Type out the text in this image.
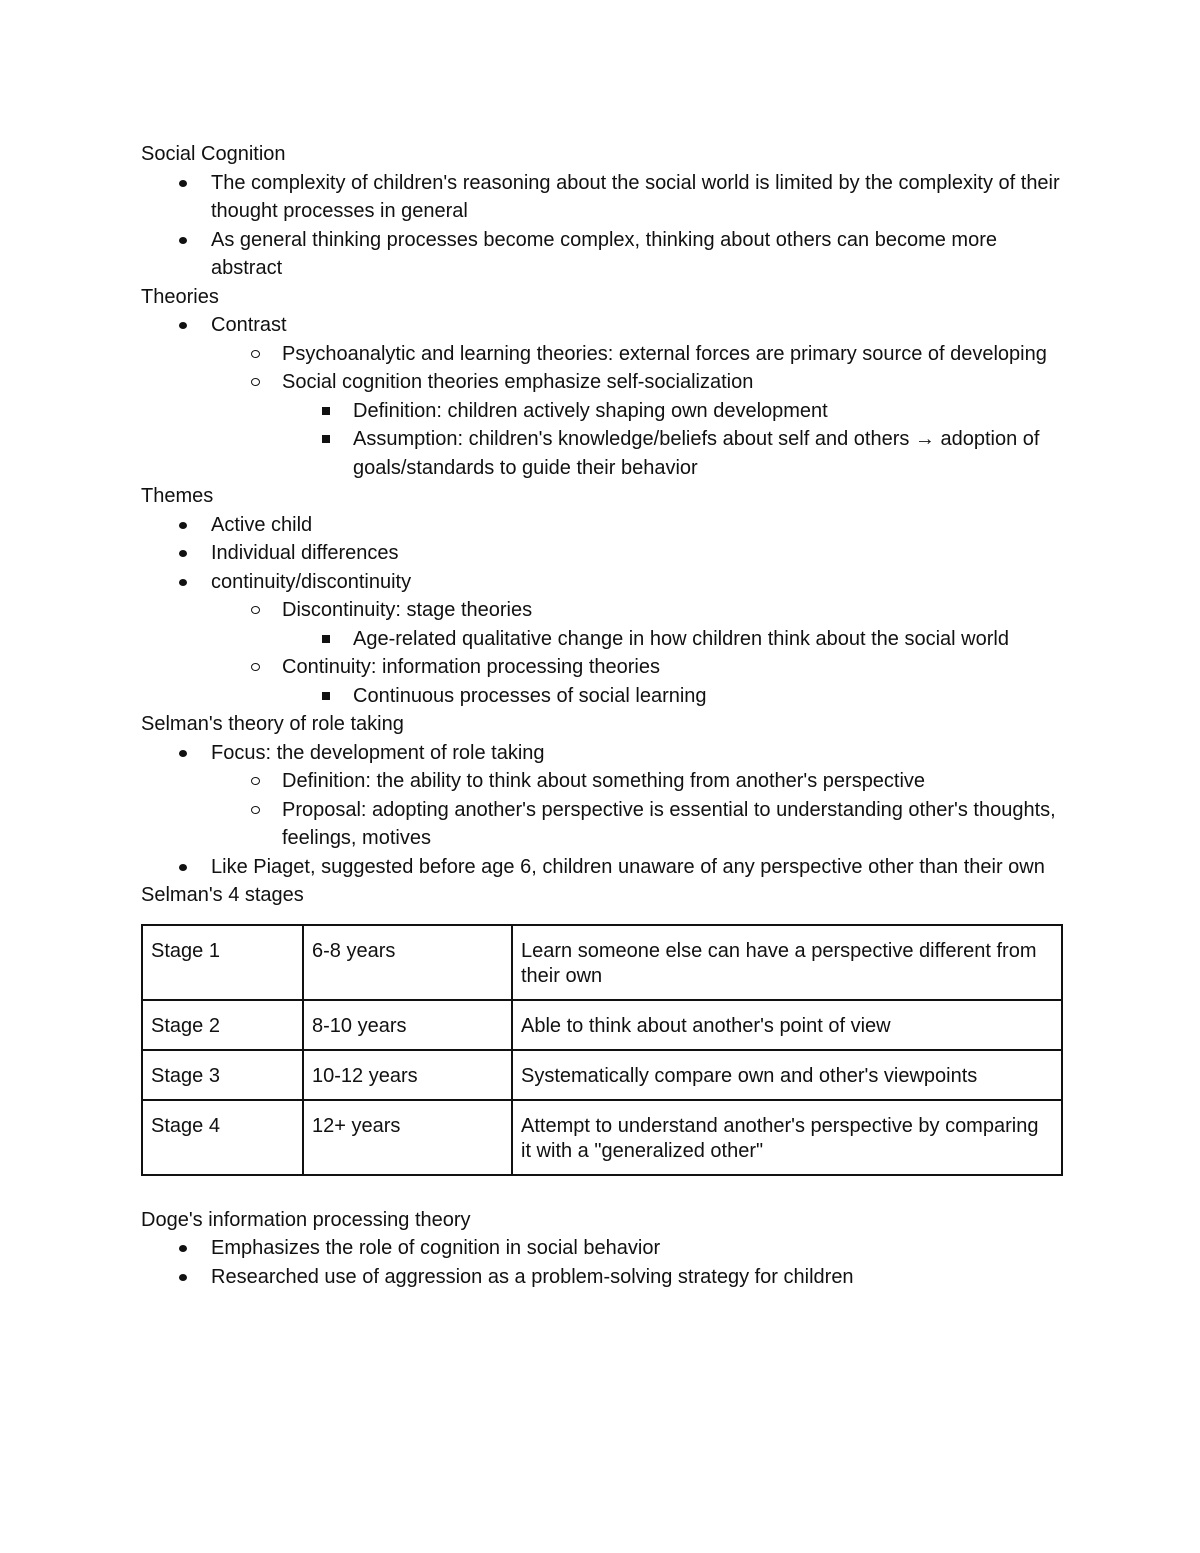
Social Cognition

The complexity of children's reasoning about the social world is limited by the complexity of their thought processes in general
As general thinking processes become complex, thinking about others can become more abstract

Theories

Contrast
Psychoanalytic and learning theories: external forces are primary source of developing
Social cognition theories emphasize self-socialization
Definition: children actively shaping own development
Assumption: children's knowledge/beliefs about self and others → adoption of goals/standards to guide their behavior

Themes

Active child
Individual differences
continuity/discontinuity
Discontinuity: stage theories
Age-related qualitative change in how children think about the social world
Continuity: information processing theories
Continuous processes of social learning

Selman's theory of role taking

Focus: the development of role taking
Definition: the ability to think about something from another's perspective
Proposal: adopting another's perspective is essential to understanding other's thoughts, feelings, motives
Like Piaget, suggested before age 6, children unaware of any perspective other than their own

Selman's 4 stages

Stage 1	6-8 years	Learn someone else can have a perspective different from their own
Stage 2	8-10 years	Able to think about another's point of view
Stage 3	10-12 years	Systematically compare own and other's viewpoints
Stage 4	12+ years	Attempt to understand another's perspective by comparing it with a "generalized other"

Doge's information processing theory

Emphasizes the role of cognition in social behavior
Researched use of aggression as a problem-solving strategy for children
